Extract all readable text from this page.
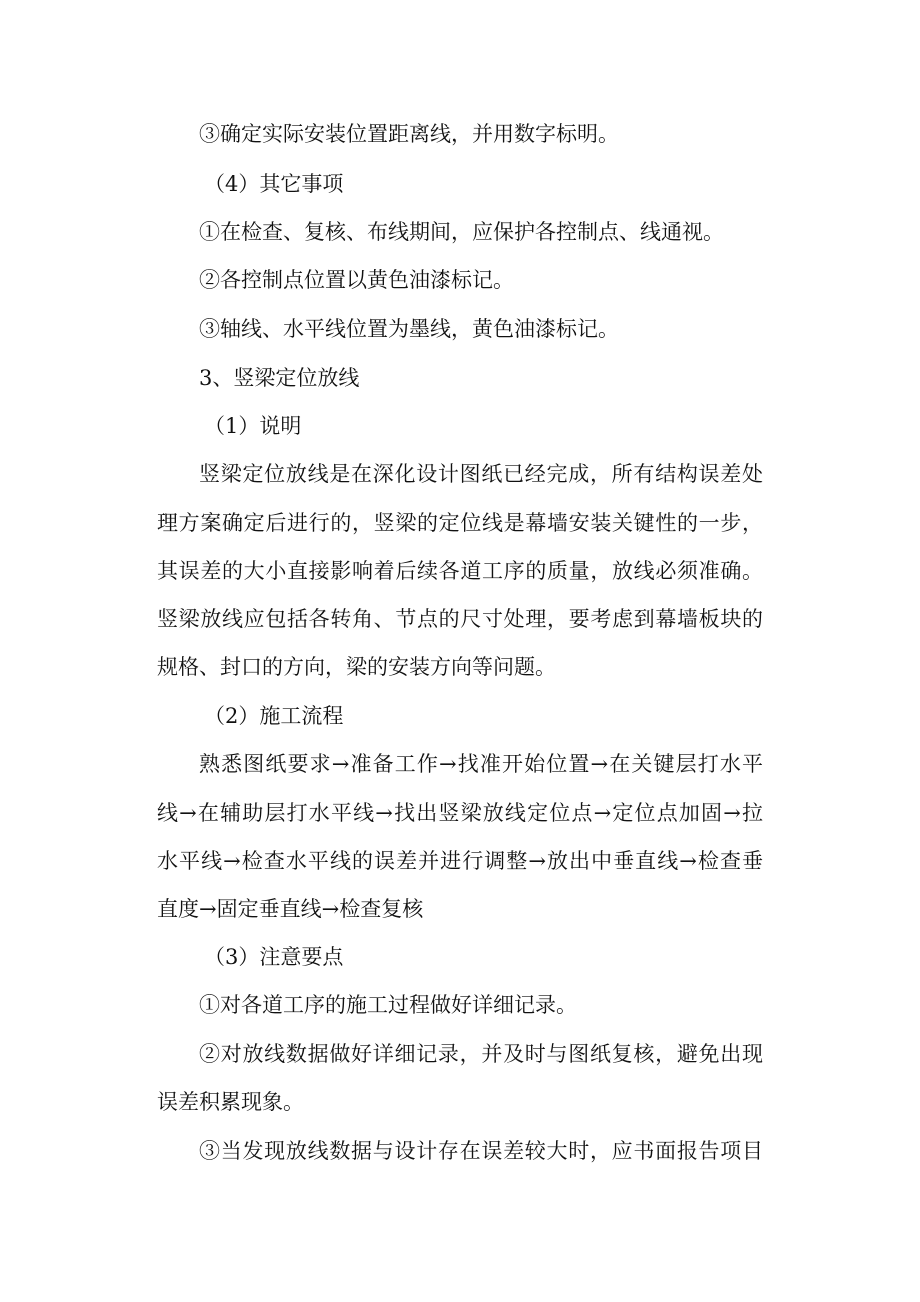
③确定实际安装位置距离线，并用数字标明。
（4）其它事项
①在检查、复核、布线期间，应保护各控制点、线通视。
②各控制点位置以黄色油漆标记。
③轴线、水平线位置为墨线，黄色油漆标记。
3、竖梁定位放线
（1）说明
竖梁定位放线是在深化设计图纸已经完成，所有结构误差处
理方案确定后进行的，竖梁的定位线是幕墙安装关键性的一步，
其误差的大小直接影响着后续各道工序的质量，放线必须准确。
竖梁放线应包括各转角、节点的尺寸处理，要考虑到幕墙板块的
规格、封口的方向，梁的安装方向等问题。
（2）施工流程
熟悉图纸要求→准备工作→找准开始位置→在关键层打水平
线→在辅助层打水平线→找出竖梁放线定位点→定位点加固→拉
水平线→检查水平线的误差并进行调整→放出中垂直线→检查垂
直度→固定垂直线→检查复核
（3）注意要点
①对各道工序的施工过程做好详细记录。
②对放线数据做好详细记录，并及时与图纸复核，避免出现
误差积累现象。
③当发现放线数据与设计存在误差较大时，应书面报告项目
